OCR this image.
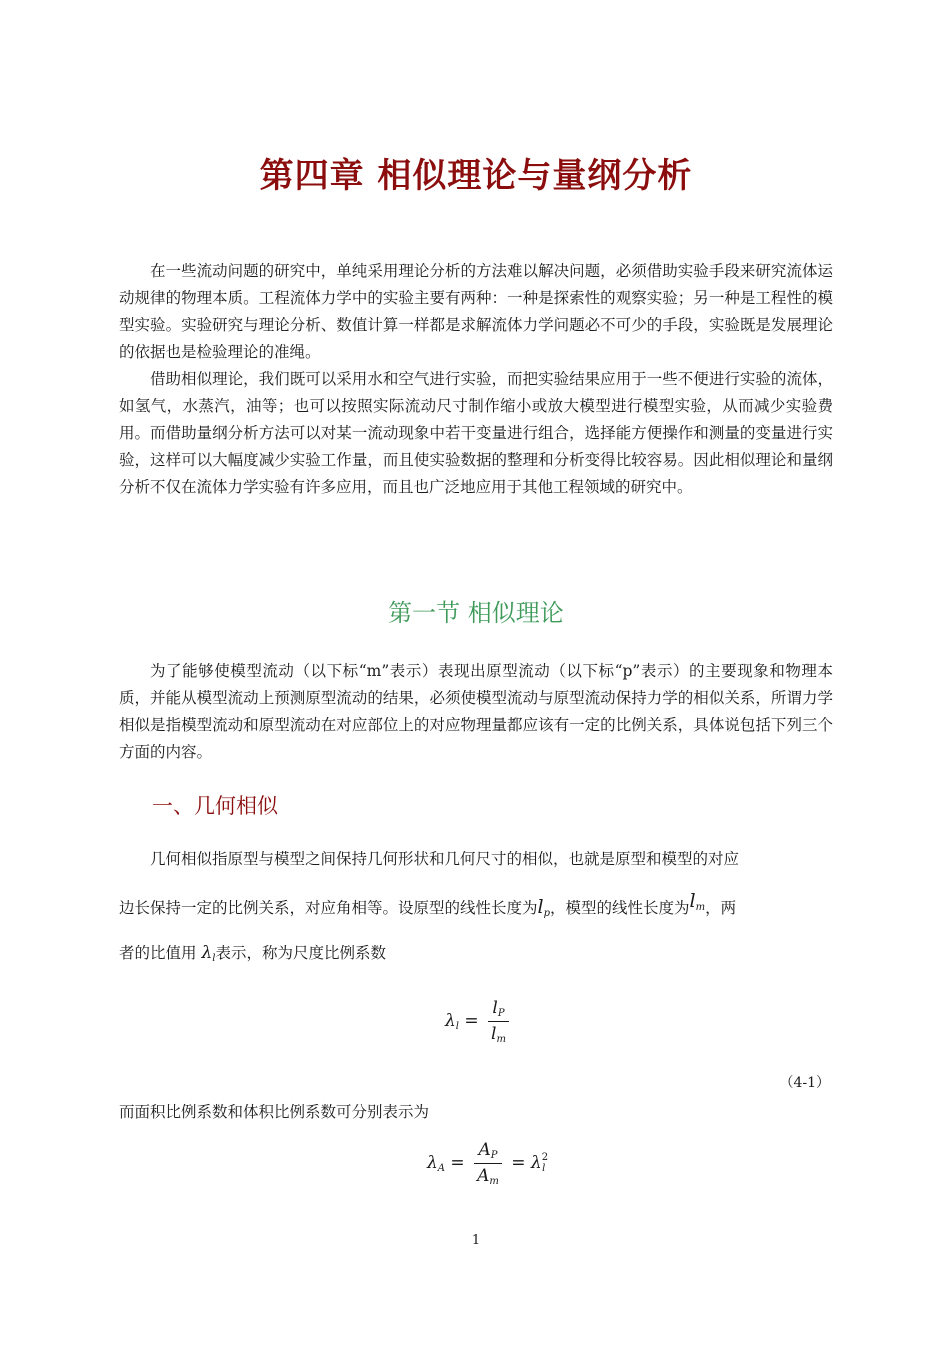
第四章 相似理论与量纲分析

在一些流动问题的研究中，单纯采用理论分析的方法难以解决问题，必须借助实验手段来研究流体运动规律的物理本质。工程流体力学中的实验主要有两种：一种是探索性的观察实验；另一种是工程性的模型实验。实验研究与理论分析、数值计算一样都是求解流体力学问题必不可少的手段，实验既是发展理论的依据也是检验理论的准绳。

借助相似理论，我们既可以采用水和空气进行实验，而把实验结果应用于一些不便进行实验的流体，如氢气，水蒸汽，油等；也可以按照实际流动尺寸制作缩小或放大模型进行模型实验，从而减少实验费用。而借助量纲分析方法可以对某一流动现象中若干变量进行组合，选择能方便操作和测量的变量进行实验，这样可以大幅度减少实验工作量，而且使实验数据的整理和分析变得比较容易。因此相似理论和量纲分析不仅在流体力学实验有许多应用，而且也广泛地应用于其他工程领域的研究中。

第一节 相似理论

为了能够使模型流动（以下标“m”表示）表现出原型流动（以下标“p”表示）的主要现象和物理本质，并能从模型流动上预测原型流动的结果，必须使模型流动与原型流动保持力学的相似关系，所谓力学相似是指模型流动和原型流动在对应部位上的对应物理量都应该有一定的比例关系，具体说包括下列三个方面的内容。

一、几何相似
几何相似指原型与模型之间保持几何形状和几何尺寸的相似，也就是原型和模型的对应
边长保持一定的比例关系，对应角相等。设原型的线性长度为$l_p$，模型的线性长度为$l_m$，两
者的比值用 $\lambda_l$表示，称为尺度比例系数
$\lambda_l = \frac{l_P}{l_m}$
（4-1）
而面积比例系数和体积比例系数可分别表示为
$\lambda_A = \frac{A_P}{A_m} = \lambda^2_l$
1
